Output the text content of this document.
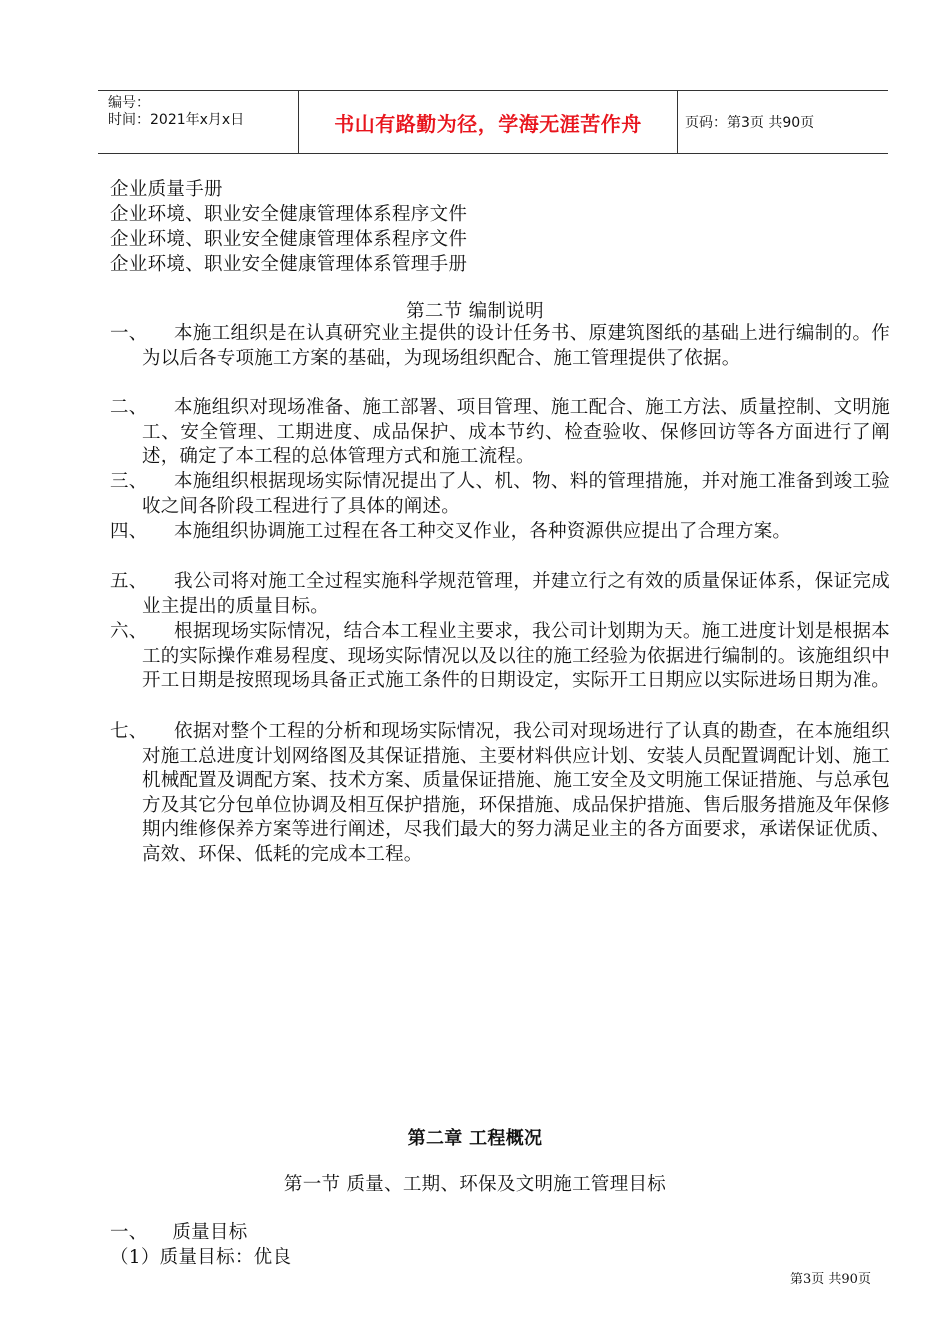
编号：
时间：2021年x月x日	书山有路勤为径，学海无涯苦作舟	页码：第3页 共90页
企业质量手册
企业环境、职业安全健康管理体系程序文件
企业环境、职业安全健康管理体系程序文件
企业环境、职业安全健康管理体系管理手册
第二节 编制说明
一、	本施工组织是在认真研究业主提供的设计任务书、原建筑图纸的基础上进行编制的。作为以后各专项施工方案的基础，为现场组织配合、施工管理提供了依据。
二、	本施组织对现场准备、施工部署、项目管理、施工配合、施工方法、质量控制、文明施工、安全管理、工期进度、成品保护、成本节约、检查验收、保修回访等各方面进行了阐述，确定了本工程的总体管理方式和施工流程。
三、	本施组织根据现场实际情况提出了人、机、物、料的管理措施，并对施工准备到竣工验收之间各阶段工程进行了具体的阐述。
四、	本施组织协调施工过程在各工种交叉作业，各种资源供应提出了合理方案。
五、	我公司将对施工全过程实施科学规范管理，并建立行之有效的质量保证体系，保证完成业主提出的质量目标。
六、	根据现场实际情况，结合本工程业主要求，我公司计划期为天。施工进度计划是根据本工的实际操作难易程度、现场实际情况以及以往的施工经验为依据进行编制的。该施组织中开工日期是按照现场具备正式施工条件的日期设定，实际开工日期应以实际进场日期为准。
七、	依据对整个工程的分析和现场实际情况，我公司对现场进行了认真的勘查，在本施组织对施工总进度计划网络图及其保证措施、主要材料供应计划、安装人员配置调配计划、施工机械配置及调配方案、技术方案、质量保证措施、施工安全及文明施工保证措施、与总承包方及其它分包单位协调及相互保护措施，环保措施、成品保护措施、售后服务措施及年保修期内维修保养方案等进行阐述，尽我们最大的努力满足业主的各方面要求，承诺保证优质、高效、环保、低耗的完成本工程。
第二章 工程概况
第一节 质量、工期、环保及文明施工管理目标
一、    质量目标
（1）质量目标：优良
第3页 共90页
